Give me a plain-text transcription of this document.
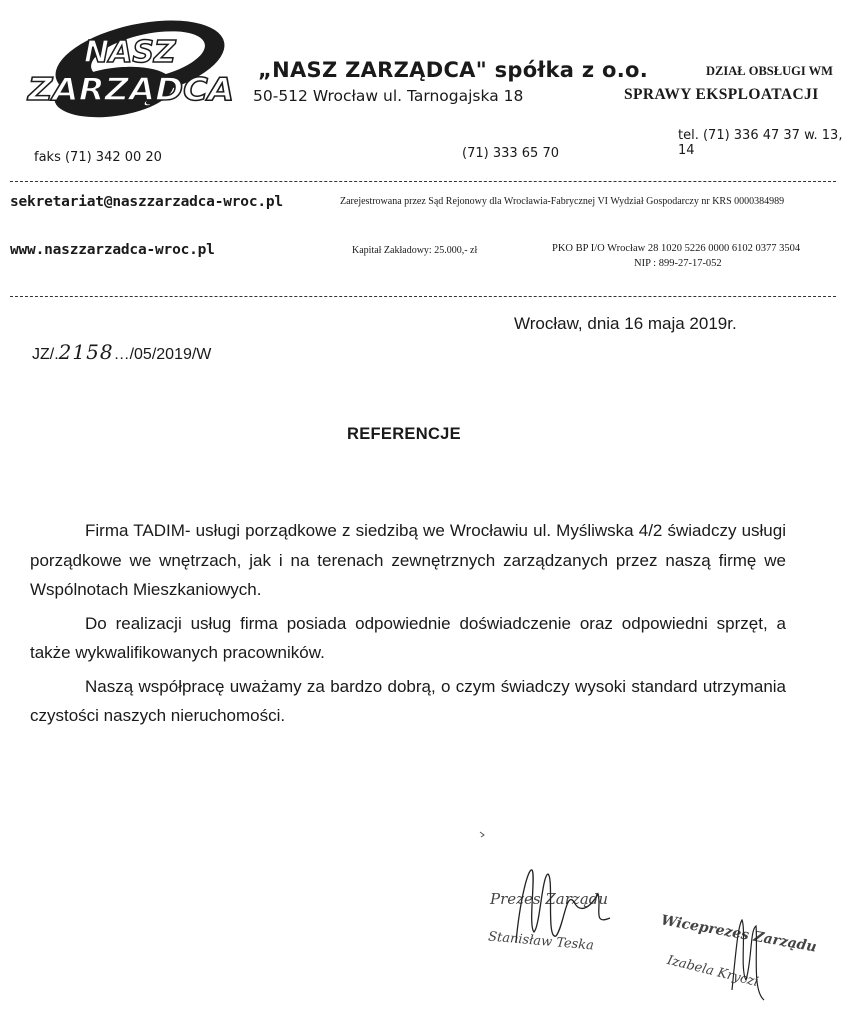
NASZ
ZARZĄDCA
„NASZ ZARZĄDCA" spółka z o.o.
50-512 Wrocław ul. Tarnogajska 18
DZIAŁ OBSŁUGI WM
SPRAWY EKSPLOATACJI
tel. (71) 336 47 37 w. 13, 14
faks (71) 342 00 20	(71) 333 65 70
sekretariat@naszzarzadca-wroc.pl	Zarejestrowana przez Sąd Rejonowy dla Wrocławia-Fabrycznej VI Wydział Gospodarczy nr KRS 0000384989
www.naszzarzadca-wroc.pl	Kapitał Zakładowy: 25.000,- zł	PKO BP I/O Wrocław 28 1020 5226 0000 6102 0377 3504
NIP : 899-27-17-052
Wrocław, dnia 16 maja 2019r.
JZ/.2158…/05/2019/W
REFERENCJE

Firma TADIM- usługi porządkowe z siedzibą we Wrocławiu ul. Myśliwska 4/2 świadczy usługi porządkowe we wnętrzach, jak i na terenach zewnętrznych zarządzanych przez naszą firmę we Wspólnotach Mieszkaniowych.

Do realizacji usług firma posiada odpowiednie doświadczenie oraz odpowiedni sprzęt, a także wykwalifikowanych pracowników.

Naszą współpracę uważamy za bardzo dobrą, o czym świadczy wysoki standard utrzymania czystości naszych nieruchomości.

Prezes Zarządu
Stanisław Teska	Wiceprezes Zarządu
Izabela Kryczi
